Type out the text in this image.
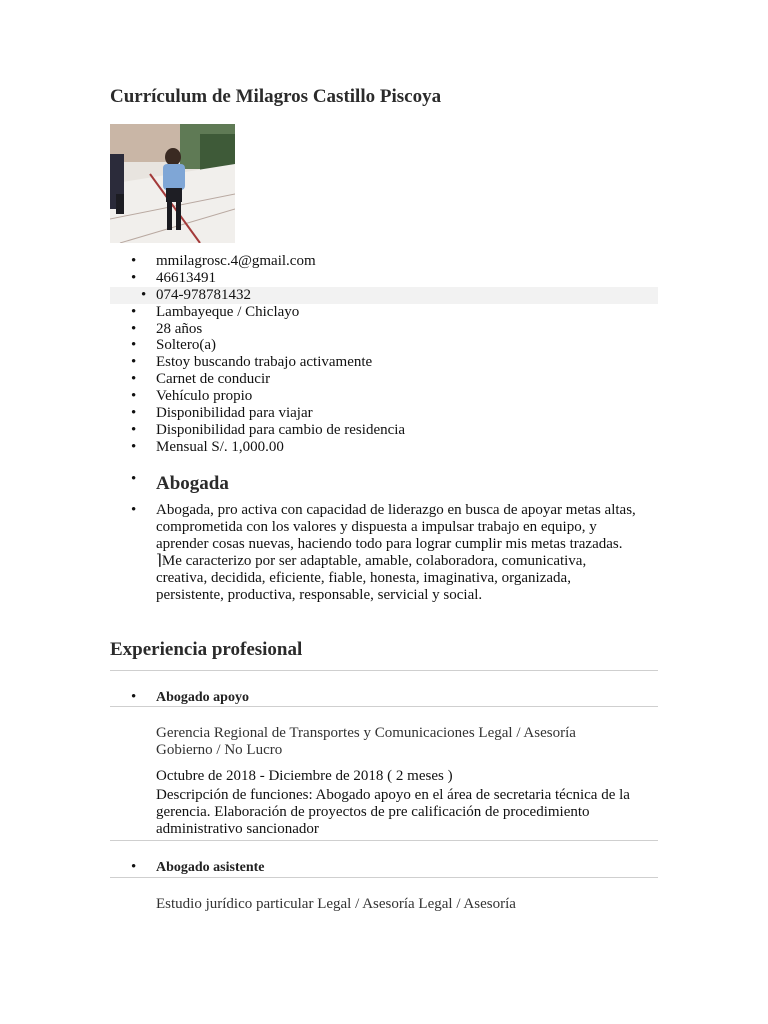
Currículum de Milagros Castillo Piscoya
• mmilagrosc.4@gmail.com
• 46613491
• 074-978781432
• Lambayeque / Chiclayo
• 28 años
• Soltero(a)
• Estoy buscando trabajo activamente
• Carnet de conducir
• Vehículo propio
• Disponibilidad para viajar
• Disponibilidad para cambio de residencia
• Mensual S/. 1,000.00
• Abogada
• Abogada, pro activa con capacidad de liderazgo en busca de apoyar metas altas,
comprometida con los valores y dispuesta a impulsar trabajo en equipo, y
aprender cosas nuevas, haciendo todo para lograr cumplir mis metas trazadas.
⌉Me caracterizo por ser adaptable, amable, colaboradora, comunicativa,
creativa, decidida, eficiente, fiable, honesta, imaginativa, organizada,
persistente, productiva, responsable, servicial y social.

Experiencia profesional
• Abogado apoyo
Gerencia Regional de Transportes y Comunicaciones Legal / Asesoría
Gobierno / No Lucro
Octubre de 2018 - Diciembre de 2018 ( 2 meses )
Descripción de funciones: Abogado apoyo en el área de secretaria técnica de la
gerencia. Elaboración de proyectos de pre calificación de procedimiento
administrativo sancionador
• Abogado asistente
Estudio jurídico particular Legal / Asesoría Legal / Asesoría
